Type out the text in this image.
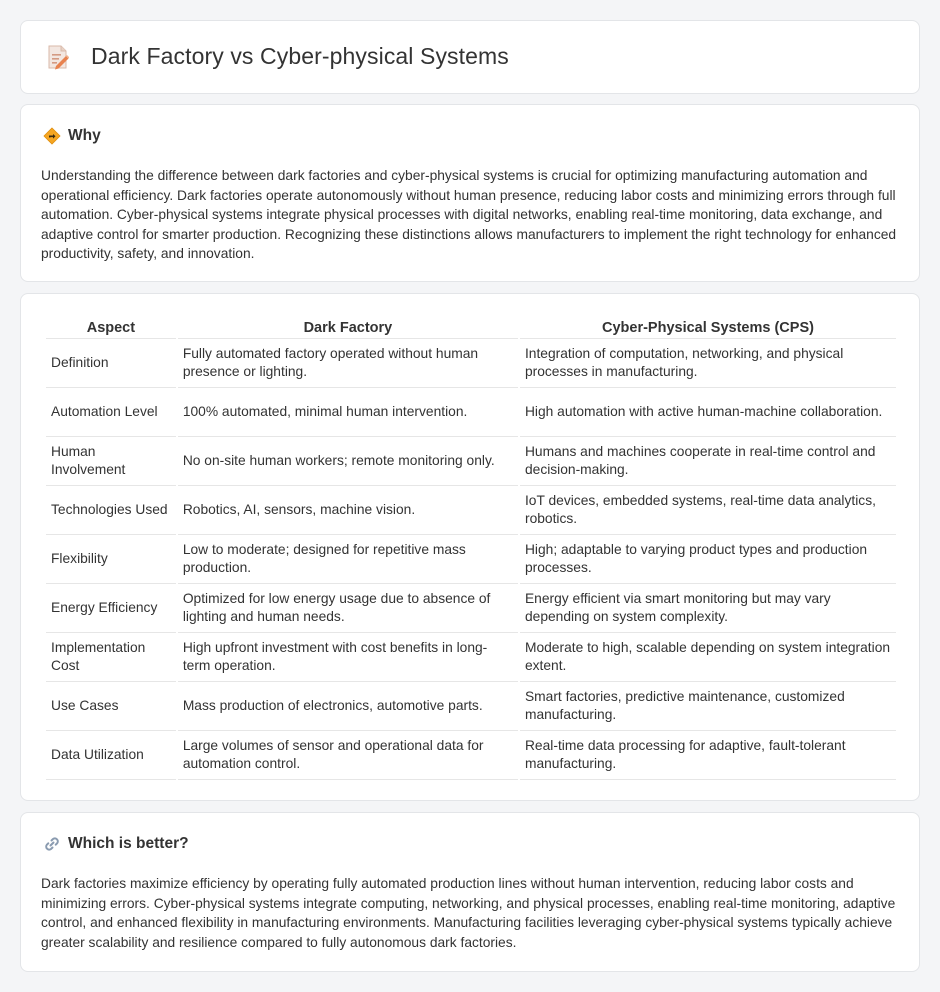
Dark Factory vs Cyber-physical Systems
Why

Understanding the difference between dark factories and cyber-physical systems is crucial for optimizing manufacturing automation and operational efficiency. Dark factories operate autonomously without human presence, reducing labor costs and minimizing errors through full automation. Cyber-physical systems integrate physical processes with digital networks, enabling real-time monitoring, data exchange, and adaptive control for smarter production. Recognizing these distinctions allows manufacturers to implement the right technology for enhanced productivity, safety, and innovation.

Aspect	Dark Factory	Cyber-Physical Systems (CPS)
Definition	Fully automated factory operated without human presence or lighting.	Integration of computation, networking, and physical processes in manufacturing.
Automation Level	100% automated, minimal human intervention.	High automation with active human-machine collaboration.
Human Involvement	No on-site human workers; remote monitoring only.	Humans and machines cooperate in real-time control and decision-making.
Technologies Used	Robotics, AI, sensors, machine vision.	IoT devices, embedded systems, real-time data analytics, robotics.
Flexibility	Low to moderate; designed for repetitive mass production.	High; adaptable to varying product types and production processes.
Energy Efficiency	Optimized for low energy usage due to absence of lighting and human needs.	Energy efficient via smart monitoring but may vary depending on system complexity.
Implementation Cost	High upfront investment with cost benefits in long-term operation.	Moderate to high, scalable depending on system integration extent.
Use Cases	Mass production of electronics, automotive parts.	Smart factories, predictive maintenance, customized manufacturing.
Data Utilization	Large volumes of sensor and operational data for automation control.	Real-time data processing for adaptive, fault-tolerant manufacturing.
Which is better?

Dark factories maximize efficiency by operating fully automated production lines without human intervention, reducing labor costs and minimizing errors. Cyber-physical systems integrate computing, networking, and physical processes, enabling real-time monitoring, adaptive control, and enhanced flexibility in manufacturing environments. Manufacturing facilities leveraging cyber-physical systems typically achieve greater scalability and resilience compared to fully autonomous dark factories.
